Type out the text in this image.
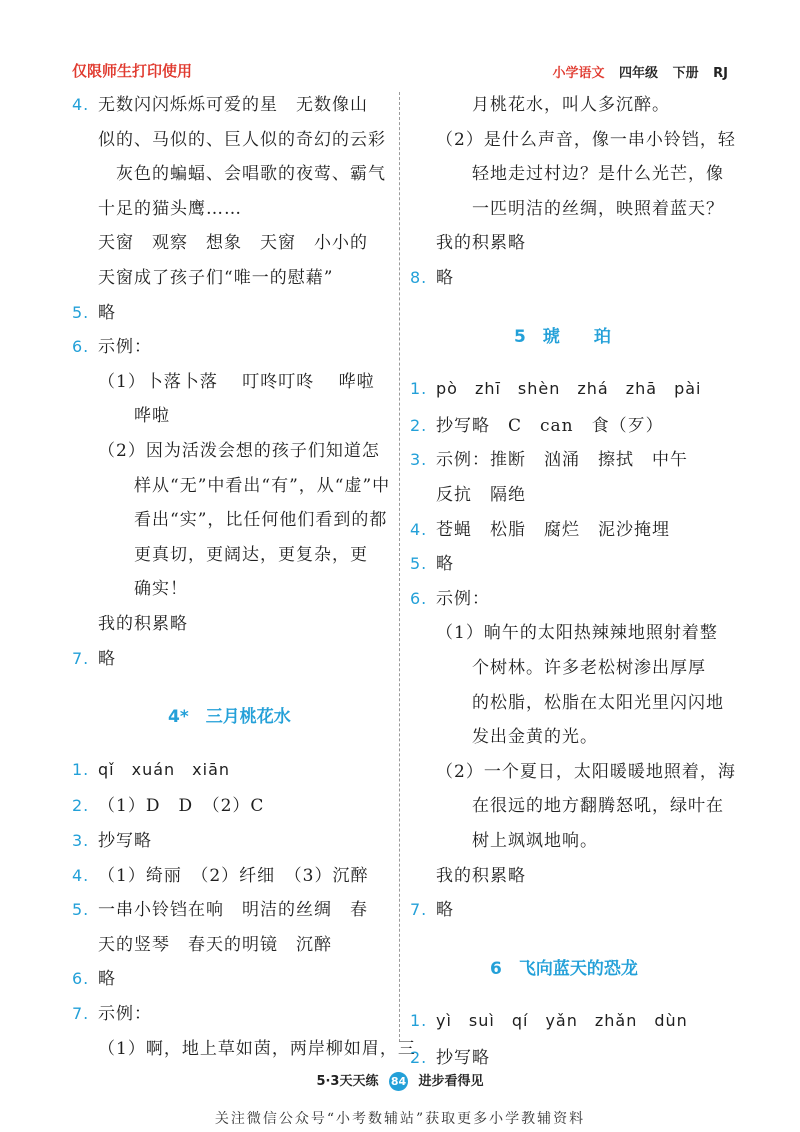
仅限师生打印使用	小学语文 四年级 下册 RJ
4. 无数闪闪烁烁可爱的星　无数像山
似的、马似的、巨人似的奇幻的云彩
　灰色的蝙蝠、会唱歌的夜莺、霸气
十足的猫头鹰……
天窗　观察　想象　天窗　小小的
天窗成了孩子们“唯一的慰藉”
5. 略
6. 示例：
（1）卜落卜落　 叮咚叮咚　 哗啦
　　哗啦
（2）因为活泼会想的孩子们知道怎
　　样从“无”中看出“有”，从“虚”中
　　看出“实”，比任何他们看到的都
　　更真切，更阔达，更复杂，更
　　确实！
我的积累略
7. 略
4*　三月桃花水
1. qǐ　xuán　xiān
2. （1）D　D　（2）C
3. 抄写略
4. （1）绮丽　（2）纤细　（3）沉醉
5. 一串小铃铛在响　明洁的丝绸　春
天的竖琴　春天的明镜　沉醉
6. 略
7. 示例：
（1）啊，地上草如茵，两岸柳如眉，三
　　月桃花水，叫人多沉醉。
（2）是什么声音，像一串小铃铛，轻
　　轻地走过村边？是什么光芒，像
　　一匹明洁的丝绸，映照着蓝天？
我的积累略
8. 略
5　琥　　珀
1. pò　zhī　shèn　zhá　zhā　pài
2. 抄写略　C　can　食（歹）
3. 示例：推断　汹涌　擦拭　中午
反抗　隔绝
4. 苍蝇　松脂　腐烂　泥沙掩埋
5. 略
6. 示例：
（1）晌午的太阳热辣辣地照射着整
　　个树林。许多老松树渗出厚厚
　　的松脂，松脂在太阳光里闪闪地
　　发出金黄的光。
（2）一个夏日，太阳暖暖地照着，海
　　在很远的地方翻腾怒吼，绿叶在
　　树上飒飒地响。
我的积累略
7. 略
6　飞向蓝天的恐龙
1. yì　suì　qí　yǎn　zhǎn　dùn
2. 抄写略
5·3天天练 84 进步看得见
关注微信公众号“小考数辅站”获取更多小学教辅资料
